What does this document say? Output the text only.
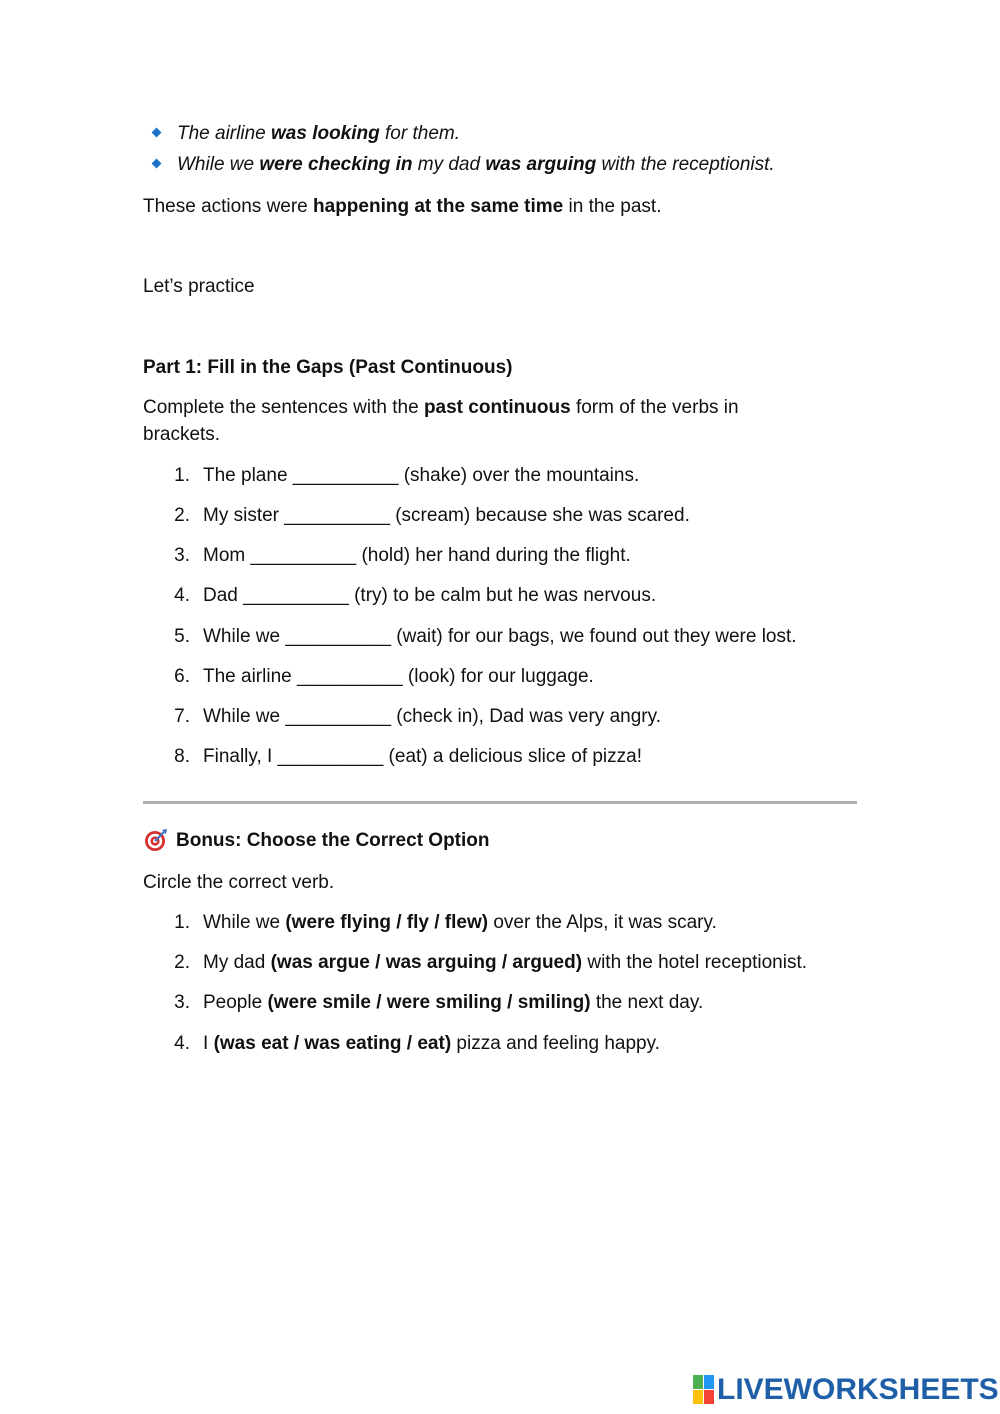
The airline was looking for them.
While we were checking in my dad was arguing with the receptionist.
These actions were happening at the same time in the past.
Let’s practice
Part 1: Fill in the Gaps (Past Continuous)
Complete the sentences with the past continuous form of the verbs in
brackets.
1. The plane __________ (shake) over the mountains.
2. My sister __________ (scream) because she was scared.
3. Mom __________ (hold) her hand during the flight.
4. Dad __________ (try) to be calm but he was nervous.
5. While we __________ (wait) for our bags, we found out they were lost.
6. The airline __________ (look) for our luggage.
7. While we __________ (check in), Dad was very angry.
8. Finally, I __________ (eat) a delicious slice of pizza!
Bonus: Choose the Correct Option
Circle the correct verb.
1. While we (were flying / fly / flew) over the Alps, it was scary.
2. My dad (was argue / was arguing / argued) with the hotel receptionist.
3. People (were smile / were smiling / smiling) the next day.
4. I (was eat / was eating / eat) pizza and feeling happy.
LIVEWORKSHEETS
